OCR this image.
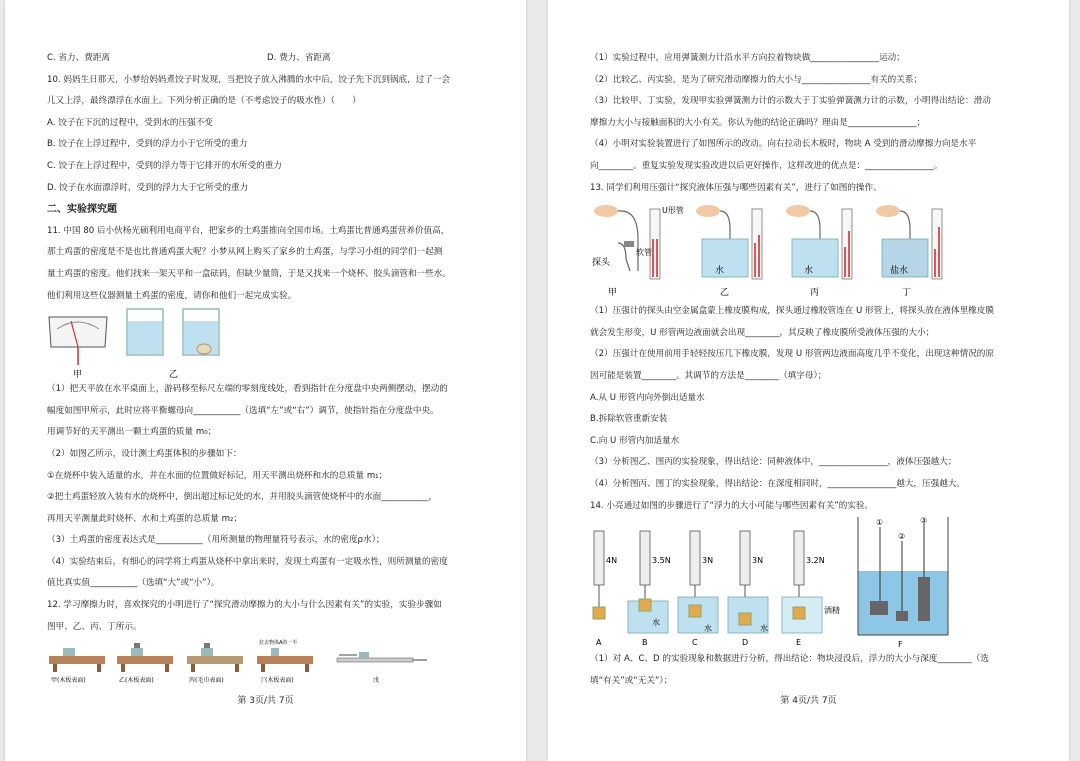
C. 省力、费距离	D. 费力、省距离
10. 妈妈生日那天，小梦给妈妈煮饺子时发现，当把饺子放入沸腾的水中后，饺子先下沉到锅底，过了一会
儿又上浮，最终漂浮在水面上。下列分析正确的是（不考虑饺子的吸水性）（　　）
A. 饺子在下沉的过程中，受到水的压强不变
B. 饺子在上浮过程中，受到的浮力小于它所受的重力
C. 饺子在上浮过程中，受到的浮力等于它排开的水所受的重力
D. 饺子在水面漂浮时，受到的浮力大于它所受的重力
二、实验探究题
11. 中国 80 后小伙杨光硕利用电商平台，把家乡的土鸡蛋推向全国市场。土鸡蛋比普通鸡蛋营养价值高，
那土鸡蛋的密度是不是也比普通鸡蛋大呢？小梦从网上购买了家乡的土鸡蛋，与学习小组的同学们一起测
量土鸡蛋的密度。他们找来一架天平和一盒砝码，但缺少量筒，于是又找来一个烧杯、胶头滴管和一些水。
他们利用这些仪器测量土鸡蛋的密度，请你和他们一起完成实验。
甲	乙
（1）把天平放在水平桌面上，游码移至标尺左端的零刻度线处，看到指针在分度盘中央两侧摆动，摆动的
幅度如图甲所示，此时应将平衡螺母向___________（选填“左”或“右”）调节，使指针指在分度盘中央。
用调节好的天平测出一颗土鸡蛋的质量 m₀；
（2）如图乙所示，设计测土鸡蛋体积的步骤如下：
①在烧杯中装入适量的水，并在水面的位置做好标记，用天平测出烧杯和水的总质量 m₁；
②把土鸡蛋轻放入装有水的烧杯中，倒出超过标记处的水，并用胶头滴管使烧杯中的水面___________，
再用天平测量此时烧杯、水和土鸡蛋的总质量 m₂；
（3）土鸡蛋的密度表达式是___________（用所测量的物理量符号表示，水的密度ρ水）；
（4）实验结束后，有细心的同学将土鸡蛋从烧杯中拿出来时，发现土鸡蛋有一定吸水性，则所测量的密度
值比真实值___________（选填“大”或“小”）。
12. 学习摩擦力时，喜欢探究的小明进行了“探究滑动摩擦力的大小与什么因素有关”的实验，实验步骤如
图甲、乙、丙、丁所示。
拉去物体A的一半
甲(木板表面)	乙(木板表面)	丙(毛巾表面)	丁(木板表面)	戊
第 3页/共 7页
（1）实验过程中，应用弹簧测力计沿水平方向拉着物块做________________运动；
（2）比较乙、丙实验，是为了研究滑动摩擦力的大小与________________有关的关系；
（3）比较甲、丁实验，发现甲实验弹簧测力计的示数大于丁实验弹簧测力计的示数，小明得出结论：滑动
摩擦力大小与接触面积的大小有关。你认为他的结论正确吗？理由是________________；
（4）小明对实验装置进行了如图所示的改动。向右拉动长木板时，物块 A 受到的滑动摩擦力向是水平
向________。重复实验发现实验改进以后更好操作，这样改进的优点是：________________。
13. 同学们利用压强计“探究液体压强与哪些因素有关”，进行了如图的操作。
U形管
软管
探头
水	水	盐水
甲	乙	丙	丁
（1）压强计的探头由空金属盒蒙上橡皮膜构成，探头通过橡胶管连在 U 形管上，将探头放在液体里橡皮膜
就会发生形变，U 形管两边液面就会出现________，其反映了橡皮膜所受液体压强的大小；
（2）压强计在使用前用手轻轻按压几下橡皮膜，发现 U 形管两边液面高度几乎不变化，出现这种情况的原
因可能是装置________。其调节的方法是________（填字母）；
A.从 U 形管内向外倒出适量水
B.拆除软管重新安装
C.向 U 形管内加适量水
（3）分析图乙、图丙的实验现象，得出结论：同种液体中，________________，液体压强越大；
（4）分析图丙、图丁的实验现象，得出结论：在深度相同时，________________越大，压强越大。
14. 小亮通过如图的步骤进行了“浮力的大小可能与哪些因素有关”的实验。
4N	3.5N
水
3N
水
3N
水
3.2N
酒精
①
②
③
A	B	C	D	E	F
（1）对 A、C、D 的实验现象和数据进行分析，得出结论：物块浸没后，浮力的大小与深度________（选
填“有关”或“无关”）；
第 4页/共 7页
